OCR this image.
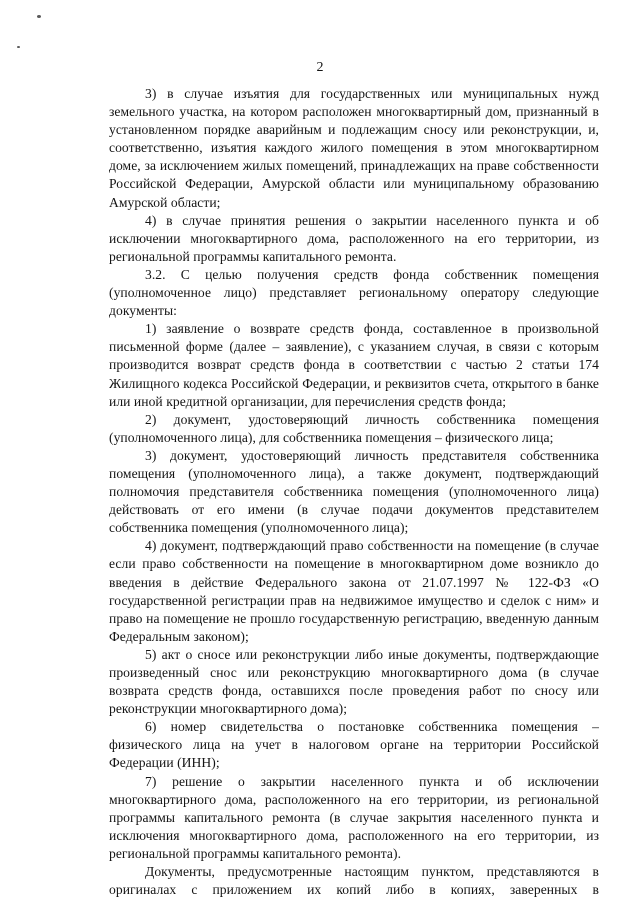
2

3) в случае изъятия для государственных или муниципальных нужд земельного участка, на котором расположен многоквартирный дом, признанный в установленном порядке аварийным и подлежащим сносу или реконструкции, и, соответственно, изъятия каждого жилого помещения в этом многоквартирном доме, за исключением жилых помещений, принадлежащих на праве собственности Российской Федерации, Амурской области или муниципальному образованию Амурской области;

4) в случае принятия решения о закрытии населенного пункта и об исключении многоквартирного дома, расположенного на его территории, из региональной программы капитального ремонта.

3.2. С целью получения средств фонда собственник помещения (уполномоченное лицо) представляет региональному оператору следующие документы:

1) заявление о возврате средств фонда, составленное в произвольной письменной форме (далее – заявление), с указанием случая, в связи с которым производится возврат средств фонда в соответствии с частью 2 статьи 174 Жилищного кодекса Российской Федерации, и реквизитов счета, открытого в банке или иной кредитной организации, для перечисления средств фонда;

2) документ, удостоверяющий личность собственника помещения (уполномоченного лица), для собственника помещения – физического лица;

3) документ, удостоверяющий личность представителя собственника помещения (уполномоченного лица), а также документ, подтверждающий полномочия представителя собственника помещения (уполномоченного лица) действовать от его имени (в случае подачи документов представителем собственника помещения (уполномоченного лица);

4) документ, подтверждающий право собственности на помещение (в случае если право собственности на помещение в многоквартирном доме возникло до введения в действие Федерального закона от 21.07.1997 № 122-ФЗ «О государственной регистрации прав на недвижимое имущество и сделок с ним» и право на помещение не прошло государственную регистрацию, введенную данным Федеральным законом);

5) акт о сносе или реконструкции либо иные документы, подтверждающие произведенный снос или реконструкцию многоквартирного дома (в случае возврата средств фонда, оставшихся после проведения работ по сносу или реконструкции многоквартирного дома);

6) номер свидетельства о постановке собственника помещения – физического лица на учет в налоговом органе на территории Российской Федерации (ИНН);

7) решение о закрытии населенного пункта и об исключении многоквартирного дома, расположенного на его территории, из региональной программы капитального ремонта (в случае закрытия населенного пункта и исключения многоквартирного дома, расположенного на его территории, из региональной программы капитального ремонта).

Документы, предусмотренные настоящим пунктом, представляются в оригиналах с приложением их копий либо в копиях, заверенных в
